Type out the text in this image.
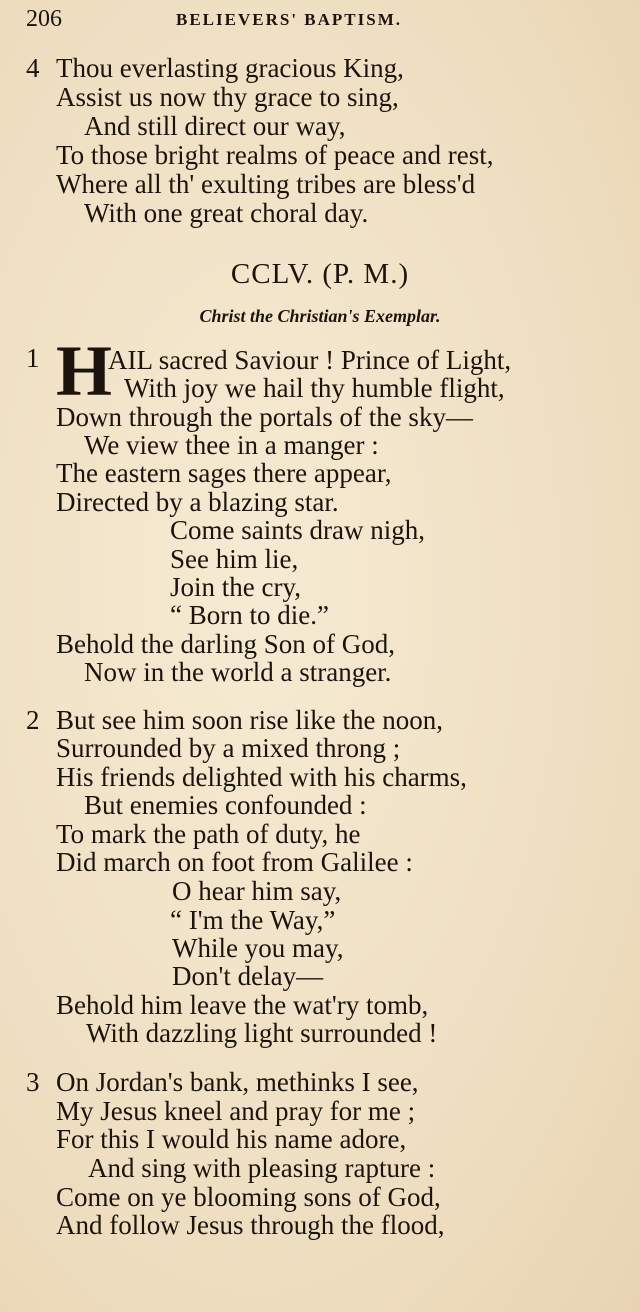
206	BELIEVERS' BAPTISM.
4 Thou everlasting gracious King,
Assist us now thy grace to sing,
And still direct our way,
To those bright realms of peace and rest,
Where all th' exulting tribes are bless'd
With one great choral day.
CCLV. (P. M.)
Christ the Christian's Exemplar.
1 H
AIL sacred Saviour ! Prince of Light,
With joy we hail thy humble flight,
Down through the portals of the sky—
We view thee in a manger :
The eastern sages there appear,
Directed by a blazing star.
Come saints draw nigh,
See him lie,
Join the cry,
“ Born to die.”
Behold the darling Son of God,
Now in the world a stranger.
2 But see him soon rise like the noon,
Surrounded by a mixed throng ;
His friends delighted with his charms,
But enemies confounded :
To mark the path of duty, he
Did march on foot from Galilee :
O hear him say,
“ I'm the Way,”
While you may,
Don't delay—
Behold him leave the wat'ry tomb,
With dazzling light surrounded !
3 On Jordan's bank, methinks I see,
My Jesus kneel and pray for me ;
For this I would his name adore,
And sing with pleasing rapture :
Come on ye blooming sons of God,
And follow Jesus through the flood,
